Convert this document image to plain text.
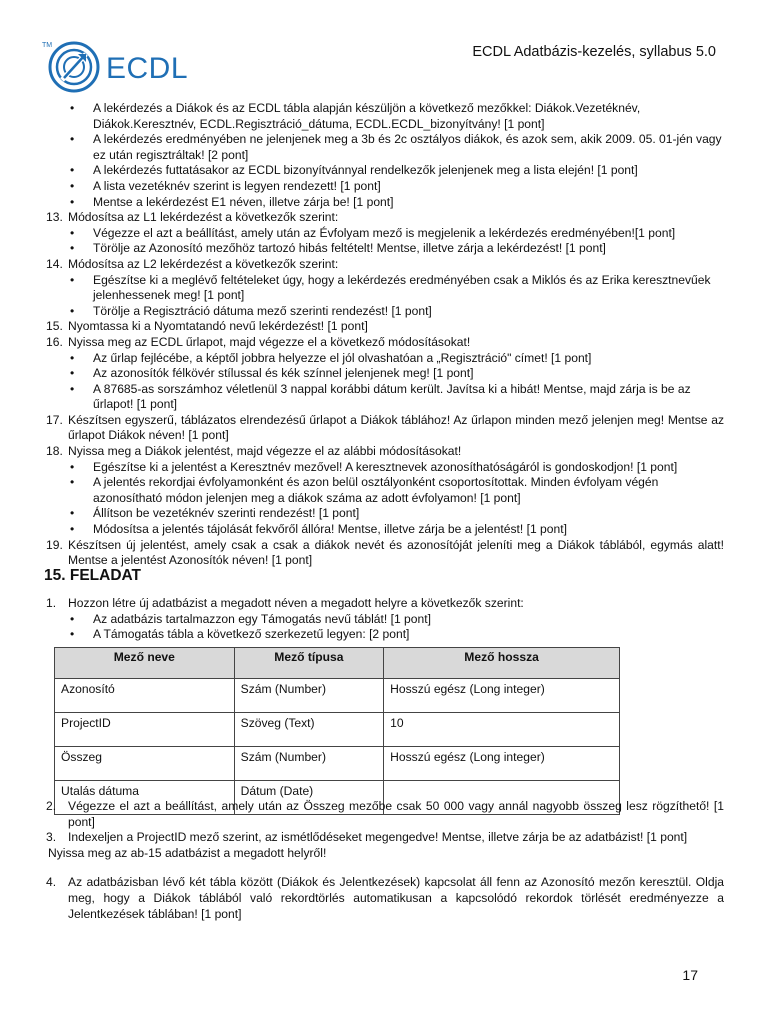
TM
ECDL	ECDL Adatbázis-kezelés, syllabus 5.0
• A lekérdezés a Diákok és az ECDL tábla alapján készüljön a következő mezőkkel: Diákok.Vezetéknév, Diákok.Keresztnév, ECDL.Regisztráció_dátuma, ECDL.ECDL_bizonyítvány! [1 pont]
• A lekérdezés eredményében ne jelenjenek meg a 3b és 2c osztályos diákok, és azok sem, akik 2009. 05. 01-jén vagy ez után regisztráltak! [2 pont]
• A lekérdezés futtatásakor az ECDL bizonyítvánnyal rendelkezők jelenjenek meg a lista elején! [1 pont]
• A lista vezetéknév szerint is legyen rendezett! [1 pont]
• Mentse a lekérdezést E1 néven, illetve zárja be! [1 pont]
13. Módosítsa az L1 lekérdezést a következők szerint:
• Végezze el azt a beállítást, amely után az Évfolyam mező is megjelenik a lekérdezés eredményében![1 pont]
• Törölje az Azonosító mezőhöz tartozó hibás feltételt! Mentse, illetve zárja a lekérdezést! [1 pont]
14. Módosítsa az L2 lekérdezést a következők szerint:
• Egészítse ki a meglévő feltételeket úgy, hogy a lekérdezés eredményében csak a Miklós és az Erika keresztnevűek jelenhessenek meg! [1 pont]
• Törölje a Regisztráció dátuma mező szerinti rendezést! [1 pont]
15. Nyomtassa ki a Nyomtatandó nevű lekérdezést! [1 pont]
16. Nyissa meg az ECDL űrlapot, majd végezze el a következő módosításokat!
• Az űrlap fejlécébe, a képtől jobbra helyezze el jól olvashatóan a „Regisztráció" címet! [1 pont]
• Az azonosítók félkövér stílussal és kék színnel jelenjenek meg! [1 pont]
• A 87685-as sorszámhoz véletlenül 3 nappal korábbi dátum került. Javítsa ki a hibát! Mentse, majd zárja is be az űrlapot! [1 pont]
17. Készítsen egyszerű, táblázatos elrendezésű űrlapot a Diákok táblához! Az űrlapon minden mező jelenjen meg! Mentse az űrlapot Diákok néven! [1 pont]
18. Nyissa meg a Diákok jelentést, majd végezze el az alábbi módosításokat!
• Egészítse ki a jelentést a Keresztnév mezővel! A keresztnevek azonosíthatóságáról is gondoskodjon! [1 pont]
• A jelentés rekordjai évfolyamonként és azon belül osztályonként csoportosítottak. Minden évfolyam végén azonosítható módon jelenjen meg a diákok száma az adott évfolyamon! [1 pont]
• Állítson be vezetéknév szerinti rendezést! [1 pont]
• Módosítsa a jelentés tájolását fekvőről állóra! Mentse, illetve zárja be a jelentést! [1 pont]
19. Készítsen új jelentést, amely csak a csak a diákok nevét és azonosítóját jeleníti meg a Diákok táblából, egymás alatt! Mentse a jelentést Azonosítók néven! [1 pont]
15. FELADAT
1. Hozzon létre új adatbázist a megadott néven a megadott helyre a következők szerint:
• Az adatbázis tartalmazzon egy Támogatás nevű táblát! [1 pont]
• A Támogatás tábla a következő szerkezetű legyen: [2 pont]
Mező neve	Mező típusa	Mező hossza
Azonosító	Szám (Number)	Hosszú egész (Long integer)
ProjectID	Szöveg (Text)	10
Összeg	Szám (Number)	Hosszú egész (Long integer)
Utalás dátuma	Dátum (Date)	
2. Végezze el azt a beállítást, amely után az Összeg mezőbe csak 50 000 vagy annál nagyobb összeg lesz rögzíthető! [1 pont]
3. Indexeljen a ProjectID mező szerint, az ismétlődéseket megengedve! Mentse, illetve zárja be az adatbázist! [1 pont]
Nyissa meg az ab-15 adatbázist a megadott helyről!
4. Az adatbázisban lévő két tábla között (Diákok és Jelentkezések) kapcsolat áll fenn az Azonosító mezőn keresztül. Oldja meg, hogy a Diákok táblából való rekordtörlés automatikusan a kapcsolódó rekordok törlését eredményezze a Jelentkezések táblában! [1 pont]
17
